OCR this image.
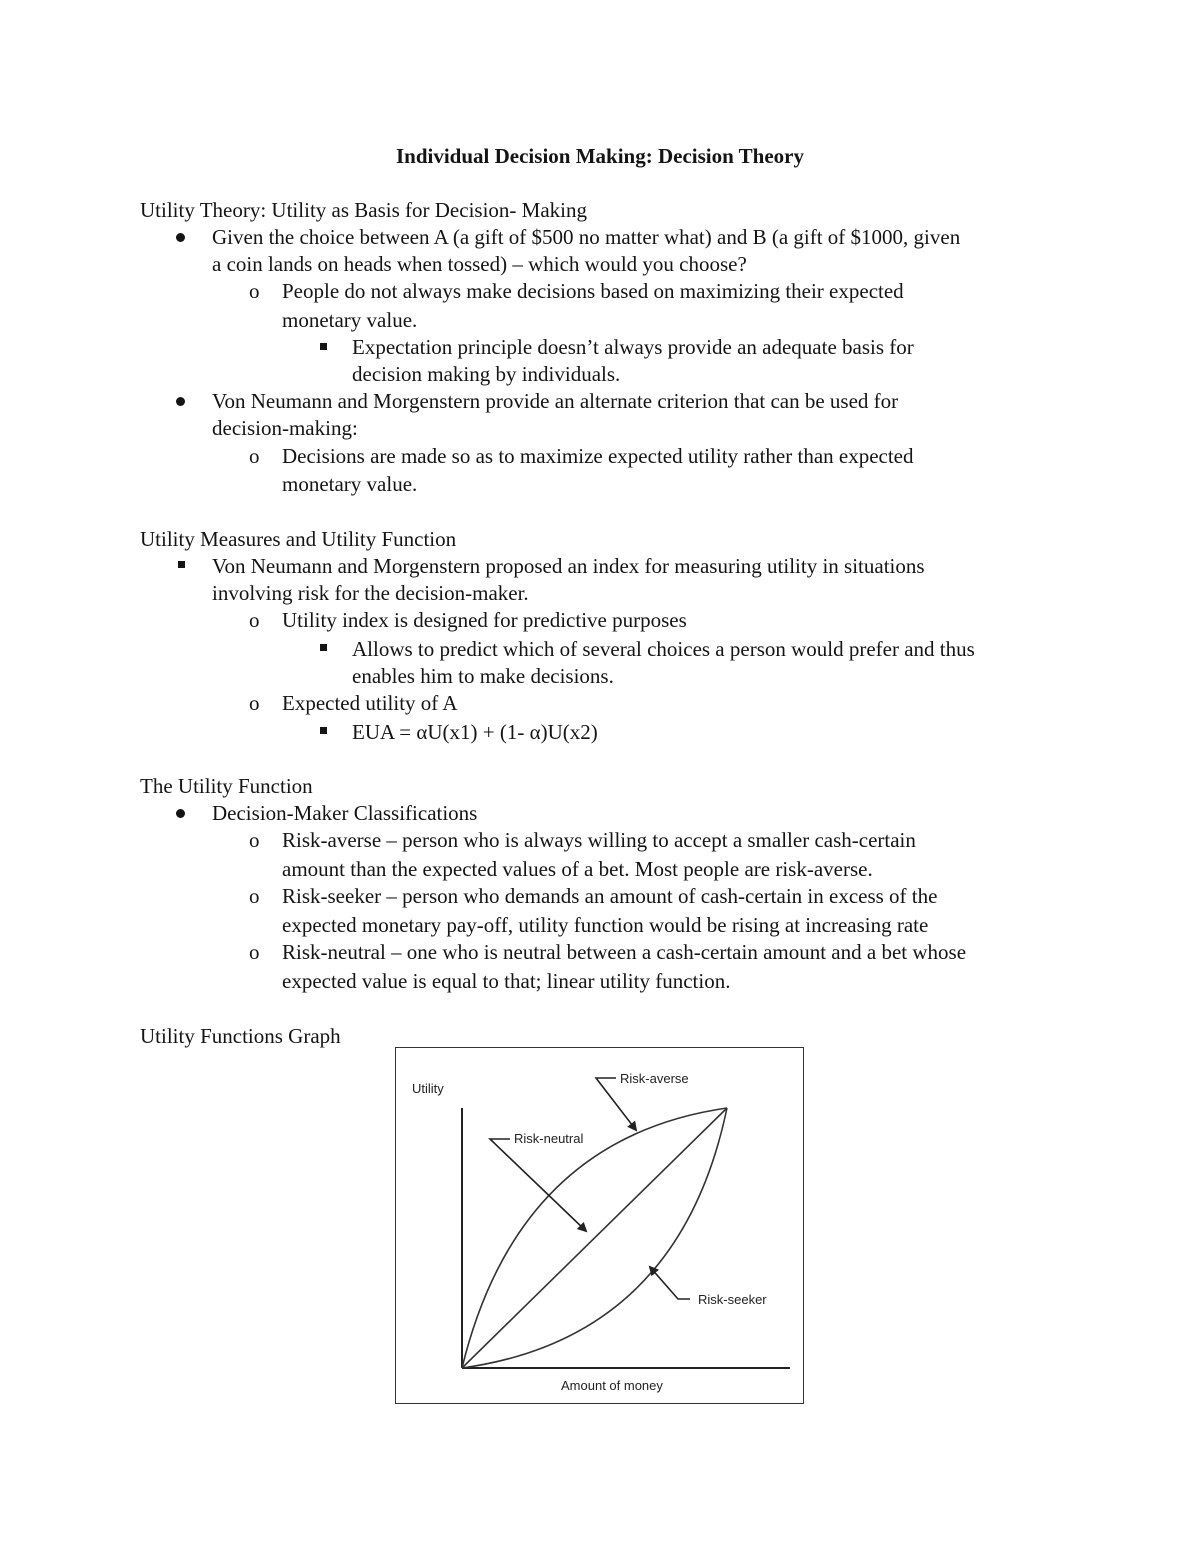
Individual Decision Making: Decision Theory
Utility Theory: Utility as Basis for Decision- Making
Given the choice between A (a gift of $500 no matter what) and B (a gift of $1000, given
a coin lands on heads when tossed) – which would you choose?
o People do not always make decisions based on maximizing their expected
monetary value.
Expectation principle doesn’t always provide an adequate basis for
decision making by individuals.
Von Neumann and Morgenstern provide an alternate criterion that can be used for
decision-making:
o Decisions are made so as to maximize expected utility rather than expected
monetary value.
Utility Measures and Utility Function
Von Neumann and Morgenstern proposed an index for measuring utility in situations
involving risk for the decision-maker.
o Utility index is designed for predictive purposes
Allows to predict which of several choices a person would prefer and thus
enables him to make decisions.
o Expected utility of A
EUA = αU(x1) + (1- α)U(x2)
The Utility Function
Decision-Maker Classifications
o Risk-averse – person who is always willing to accept a smaller cash-certain
amount than the expected values of a bet. Most people are risk-averse.
o Risk-seeker – person who demands an amount of cash-certain in excess of the
expected monetary pay-off, utility function would be rising at increasing rate
o Risk-neutral – one who is neutral between a cash-certain amount and a bet whose
expected value is equal to that; linear utility function.
Utility Functions Graph
Utility
Amount of money
Risk-averse
Risk-neutral
Risk-seeker
